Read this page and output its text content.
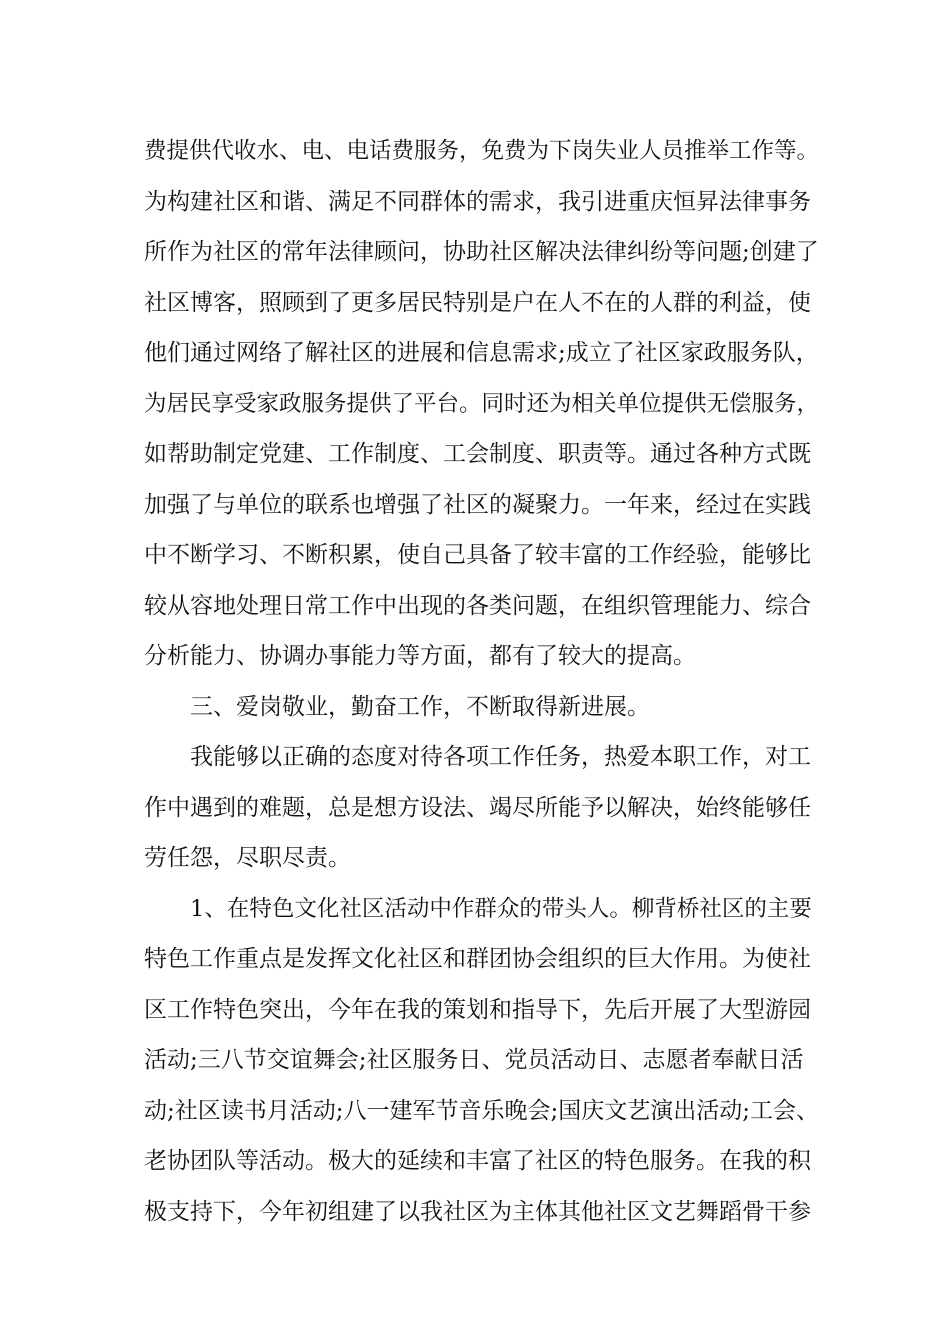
费提供代收水、电、电话费服务，免费为下岗失业人员推举工作等。
为构建社区和谐、满足不同群体的需求，我引进重庆恒昇法律事务
所作为社区的常年法律顾问，协助社区解决法律纠纷等问题;创建了
社区博客，照顾到了更多居民特别是户在人不在的人群的利益，使
他们通过网络了解社区的进展和信息需求;成立了社区家政服务队，
为居民享受家政服务提供了平台。同时还为相关单位提供无偿服务，
如帮助制定党建、工作制度、工会制度、职责等。通过各种方式既
加强了与单位的联系也增强了社区的凝聚力。一年来，经过在实践
中不断学习、不断积累，使自己具备了较丰富的工作经验，能够比
较从容地处理日常工作中出现的各类问题，在组织管理能力、综合
分析能力、协调办事能力等方面，都有了较大的提高。
三、爱岗敬业，勤奋工作，不断取得新进展。
我能够以正确的态度对待各项工作任务，热爱本职工作，对工
作中遇到的难题，总是想方设法、竭尽所能予以解决，始终能够任
劳任怨，尽职尽责。
1、在特色文化社区活动中作群众的带头人。柳背桥社区的主要
特色工作重点是发挥文化社区和群团协会组织的巨大作用。为使社
区工作特色突出，今年在我的策划和指导下，先后开展了大型游园
活动;三八节交谊舞会;社区服务日、党员活动日、志愿者奉献日活
动;社区读书月活动;八一建军节音乐晚会;国庆文艺演出活动;工会、
老协团队等活动。极大的延续和丰富了社区的特色服务。在我的积
极支持下，今年初组建了以我社区为主体其他社区文艺舞蹈骨干参
